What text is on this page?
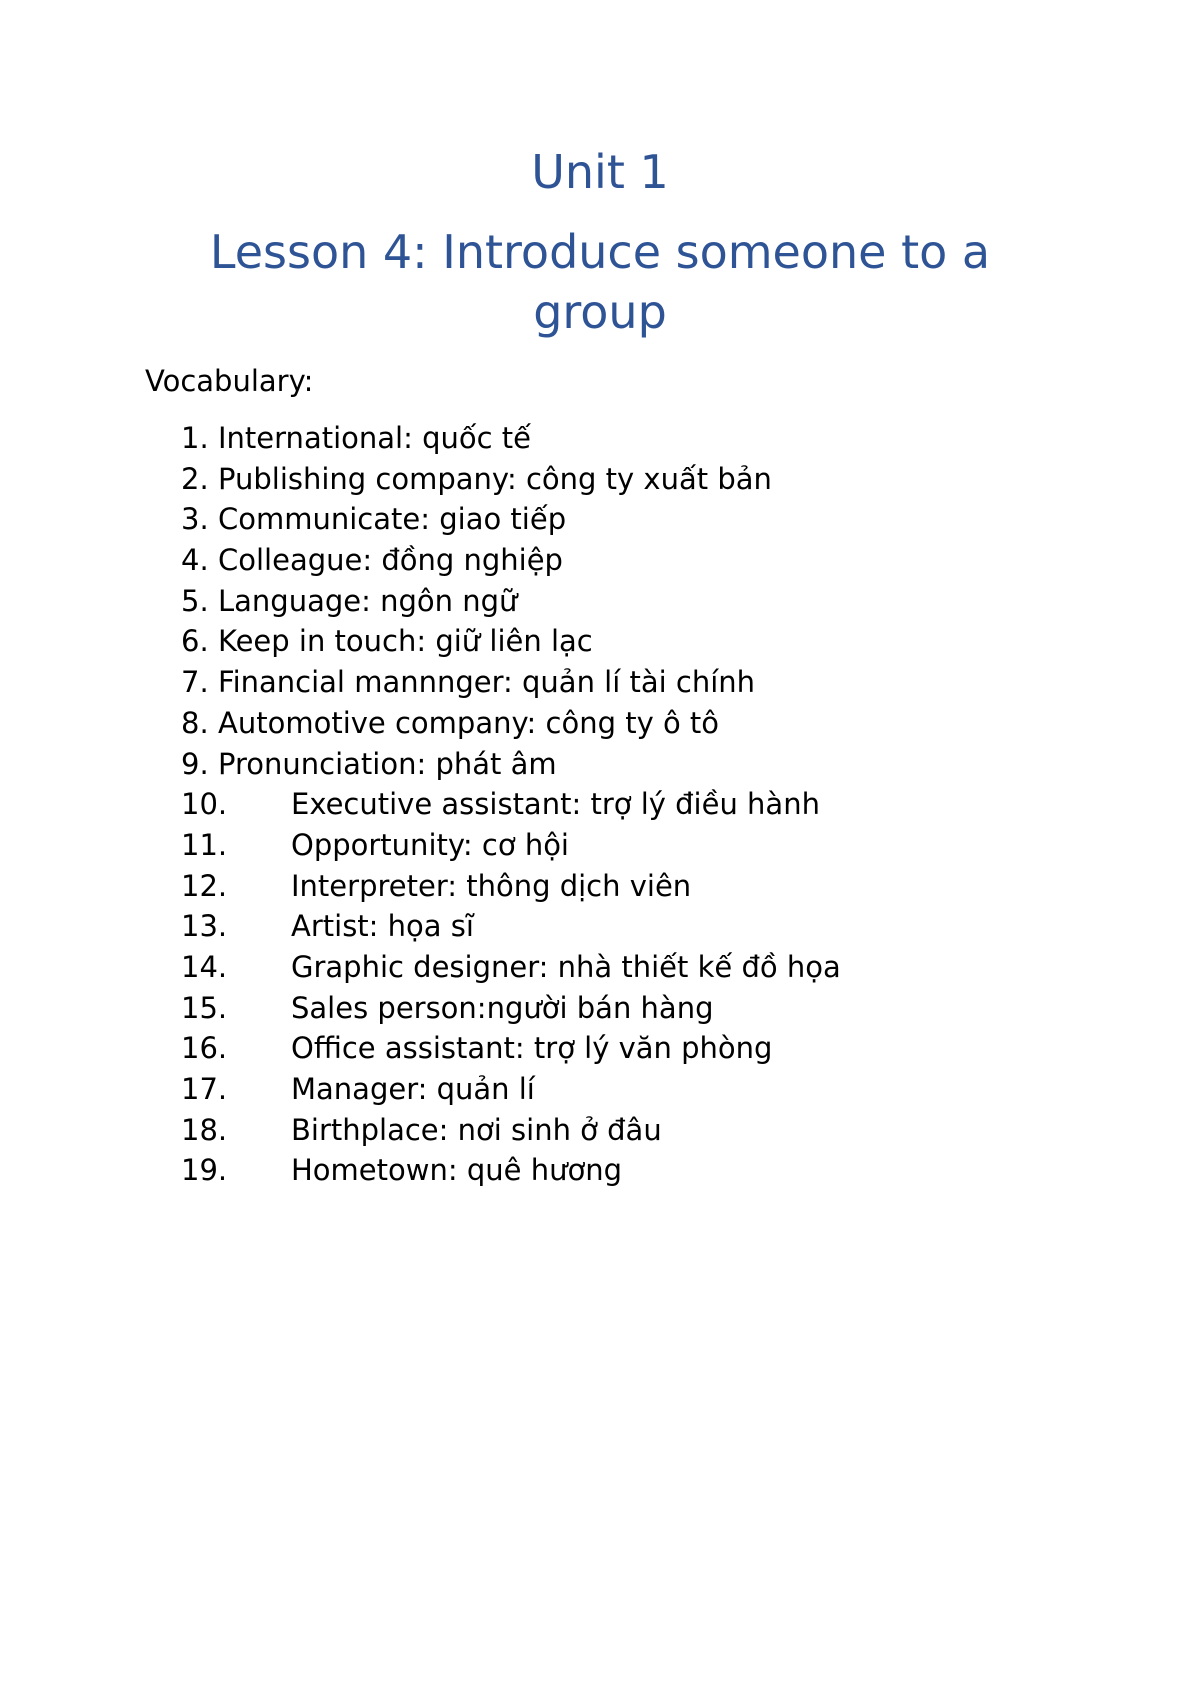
Unit 1
Lesson 4: Introduce someone to a group
Vocabulary:
1. International: quốc tế
2. Publishing company: công ty xuất bản
3. Communicate: giao tiếp
4. Colleague: đồng nghiệp
5. Language: ngôn ngữ
6. Keep in touch: giữ liên lạc
7. Financial mannnger: quản lí tài chính
8. Automotive company: công ty ô tô
9. Pronunciation: phát âm
10. Executive assistant: trợ lý điều hành
11. Opportunity: cơ hội
12. Interpreter: thông dịch viên
13. Artist: họa sĩ
14. Graphic designer: nhà thiết kế đồ họa
15. Sales person:người bán hàng
16. Office assistant: trợ lý văn phòng
17. Manager: quản lí
18. Birthplace: nơi sinh ở đâu
19. Hometown: quê hương
